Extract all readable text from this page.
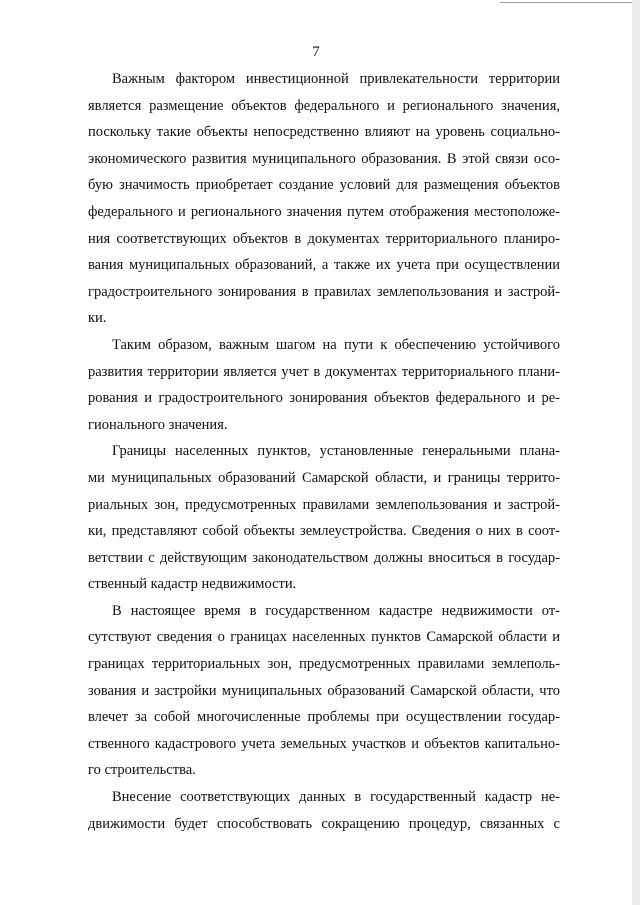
7
Важным фактором инвестиционной привлекательности территории
является размещение объектов федерального и регионального значения,
поскольку такие объекты непосредственно влияют на уровень социально-
экономического развития муниципального образования. В этой связи осо-
бую значимость приобретает создание условий для размещения объектов
федерального и регионального значения путем отображения местоположе-
ния соответствующих объектов в документах территориального планиро-
вания муниципальных образований, а также их учета при осуществлении
градостроительного зонирования в правилах землепользования и застрой-
ки.
Таким образом, важным шагом на пути к обеспечению устойчивого
развития территории является учет в документах территориального плани-
рования и градостроительного зонирования объектов федерального и ре-
гионального значения.
Границы населенных пунктов, установленные генеральными плана-
ми муниципальных образований Самарской области, и границы террито-
риальных зон, предусмотренных правилами землепользования и застрой-
ки, представляют собой объекты землеустройства. Сведения о них в соот-
ветствии с действующим законодательством должны вноситься в государ-
ственный кадастр недвижимости.
В настоящее время в государственном кадастре недвижимости от-
сутствуют сведения о границах населенных пунктов Самарской области и
границах территориальных зон, предусмотренных правилами землеполь-
зования и застройки муниципальных образований Самарской области, что
влечет за собой многочисленные проблемы при осуществлении государ-
ственного кадастрового учета земельных участков и объектов капитально-
го строительства.
Внесение соответствующих данных в государственный кадастр не-
движимости будет способствовать сокращению процедур, связанных с
